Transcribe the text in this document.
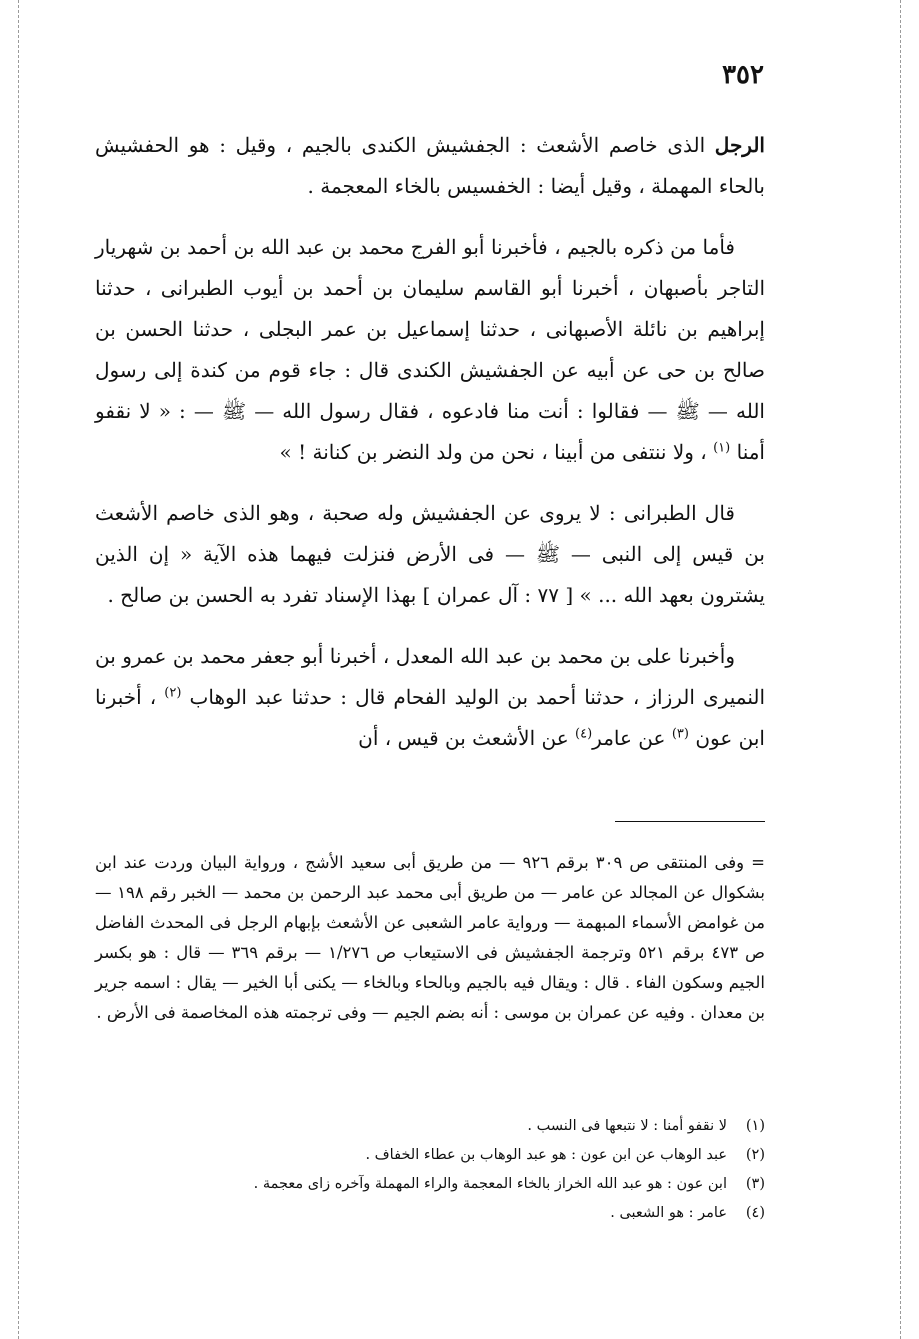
٣٥٢

الرجل الذى خاصم الأشعث : الجفشيش الكندى بالجيم ، وقيل : هو الحفشيش بالحاء المهملة ، وقيل أيضا : الخفسيس بالخاء المعجمة .

فأما من ذكره بالجيم ، فأخبرنا أبو الفرج محمد بن عبد الله بن أحمد بن شهريار التاجر بأصبهان ، أخبرنا أبو القاسم سليمان بن أحمد بن أيوب الطبرانى ، حدثنا إبراهيم بن نائلة الأصبهانى ، حدثنا إسماعيل بن عمر البجلى ، حدثنا الحسن بن صالح بن حى عن أبيه عن الجفشيش الكندى قال : جاء قوم من كندة إلى رسول الله — ﷺ — فقالوا : أنت منا فادعوه ، فقال رسول الله — ﷺ — : « لا نقفو أمنا $^{(١)}$ ، ولا ننتفى من أبينا ، نحن من ولد النضر بن كنانة ! »

قال الطبرانى : لا يروى عن الجفشيش وله صحبة ، وهو الذى خاصم الأشعث بن قيس إلى النبى — ﷺ — فى الأرض فنزلت فيهما هذه الآية « إن الذين يشترون بعهد الله ... » [ ٧٧ : آل عمران ] بهذا الإسناد تفرد به الحسن بن صالح .

وأخبرنا على بن محمد بن عبد الله المعدل ، أخبرنا أبو جعفر محمد بن عمرو بن النميرى الرزاز ، حدثنا أحمد بن الوليد الفحام قال : حدثنا عبد الوهاب $^{(٢)}$ ، أخبرنا ابن عون $^{(٣)}$ عن عامر$^{(٤)}$ عن الأشعث بن قيس ، أن

= وفى المنتقى ص ٣٠٩ برقم ٩٢٦ — من طريق أبى سعيد الأشج ، ورواية البيان وردت عند ابن بشكوال عن المجالد عن عامر — من طريق أبى محمد عبد الرحمن بن محمد — الخبر رقم ١٩٨ — من غوامض الأسماء المبهمة — ورواية عامر الشعبى عن الأشعث بإبهام الرجل فى المحدث الفاضل ص ٤٧٣ برقم ٥٢١ وترجمة الجفشيش فى الاستيعاب ص ١/٢٧٦ — برقم ٣٦٩ — قال : هو بكسر الجيم وسكون الفاء . قال : ويقال فيه بالجيم وبالحاء وبالخاء — يكنى أبا الخير — يقال : اسمه جرير بن معدان . وفيه عن عمران بن موسى : أنه بضم الجيم — وفى ترجمته هذه المخاصمة فى الأرض .

(١)
لا نقفو أمنا : لا نتبعها فى النسب .
(٢)
عبد الوهاب عن ابن عون : هو عبد الوهاب بن عطاء الخفاف .
(٣)
ابن عون : هو عبد الله الخراز بالخاء المعجمة والراء المهملة وآخره زاى معجمة .
(٤)
عامر : هو الشعبى .
